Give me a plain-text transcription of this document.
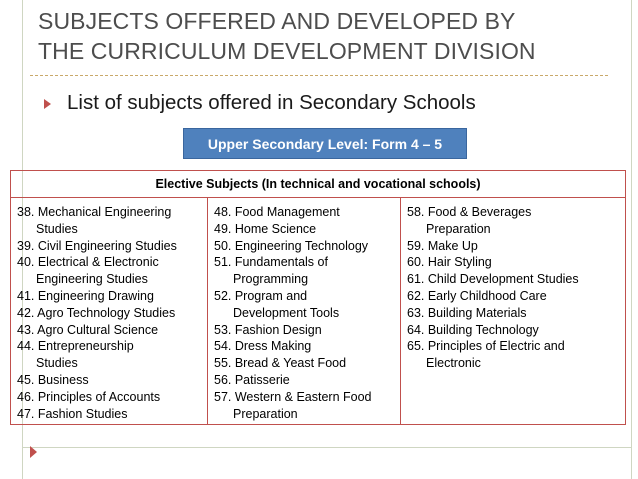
SUBJECTS OFFERED AND DEVELOPED BY
THE CURRICULUM DEVELOPMENT DIVISION
List of subjects offered in Secondary Schools
Upper Secondary Level: Form 4 – 5
Elective Subjects (In technical and vocational schools)
38. Mechanical Engineering
Studies
39. Civil Engineering Studies
40. Electrical & Electronic
Engineering Studies
41. Engineering Drawing
42. Agro Technology Studies
43. Agro Cultural Science
44. Entrepreneurship
Studies
45. Business
46. Principles of Accounts
47. Fashion Studies
48. Food Management
49. Home Science
50. Engineering Technology
51. Fundamentals of
Programming
52. Program and
Development Tools
53. Fashion Design
54. Dress Making
55. Bread & Yeast Food
56. Patisserie
57. Western & Eastern Food
Preparation
58. Food & Beverages
Preparation
59. Make Up
60. Hair Styling
61. Child Development Studies
62. Early Childhood Care
63. Building Materials
64. Building Technology
65. Principles of Electric and
Electronic
